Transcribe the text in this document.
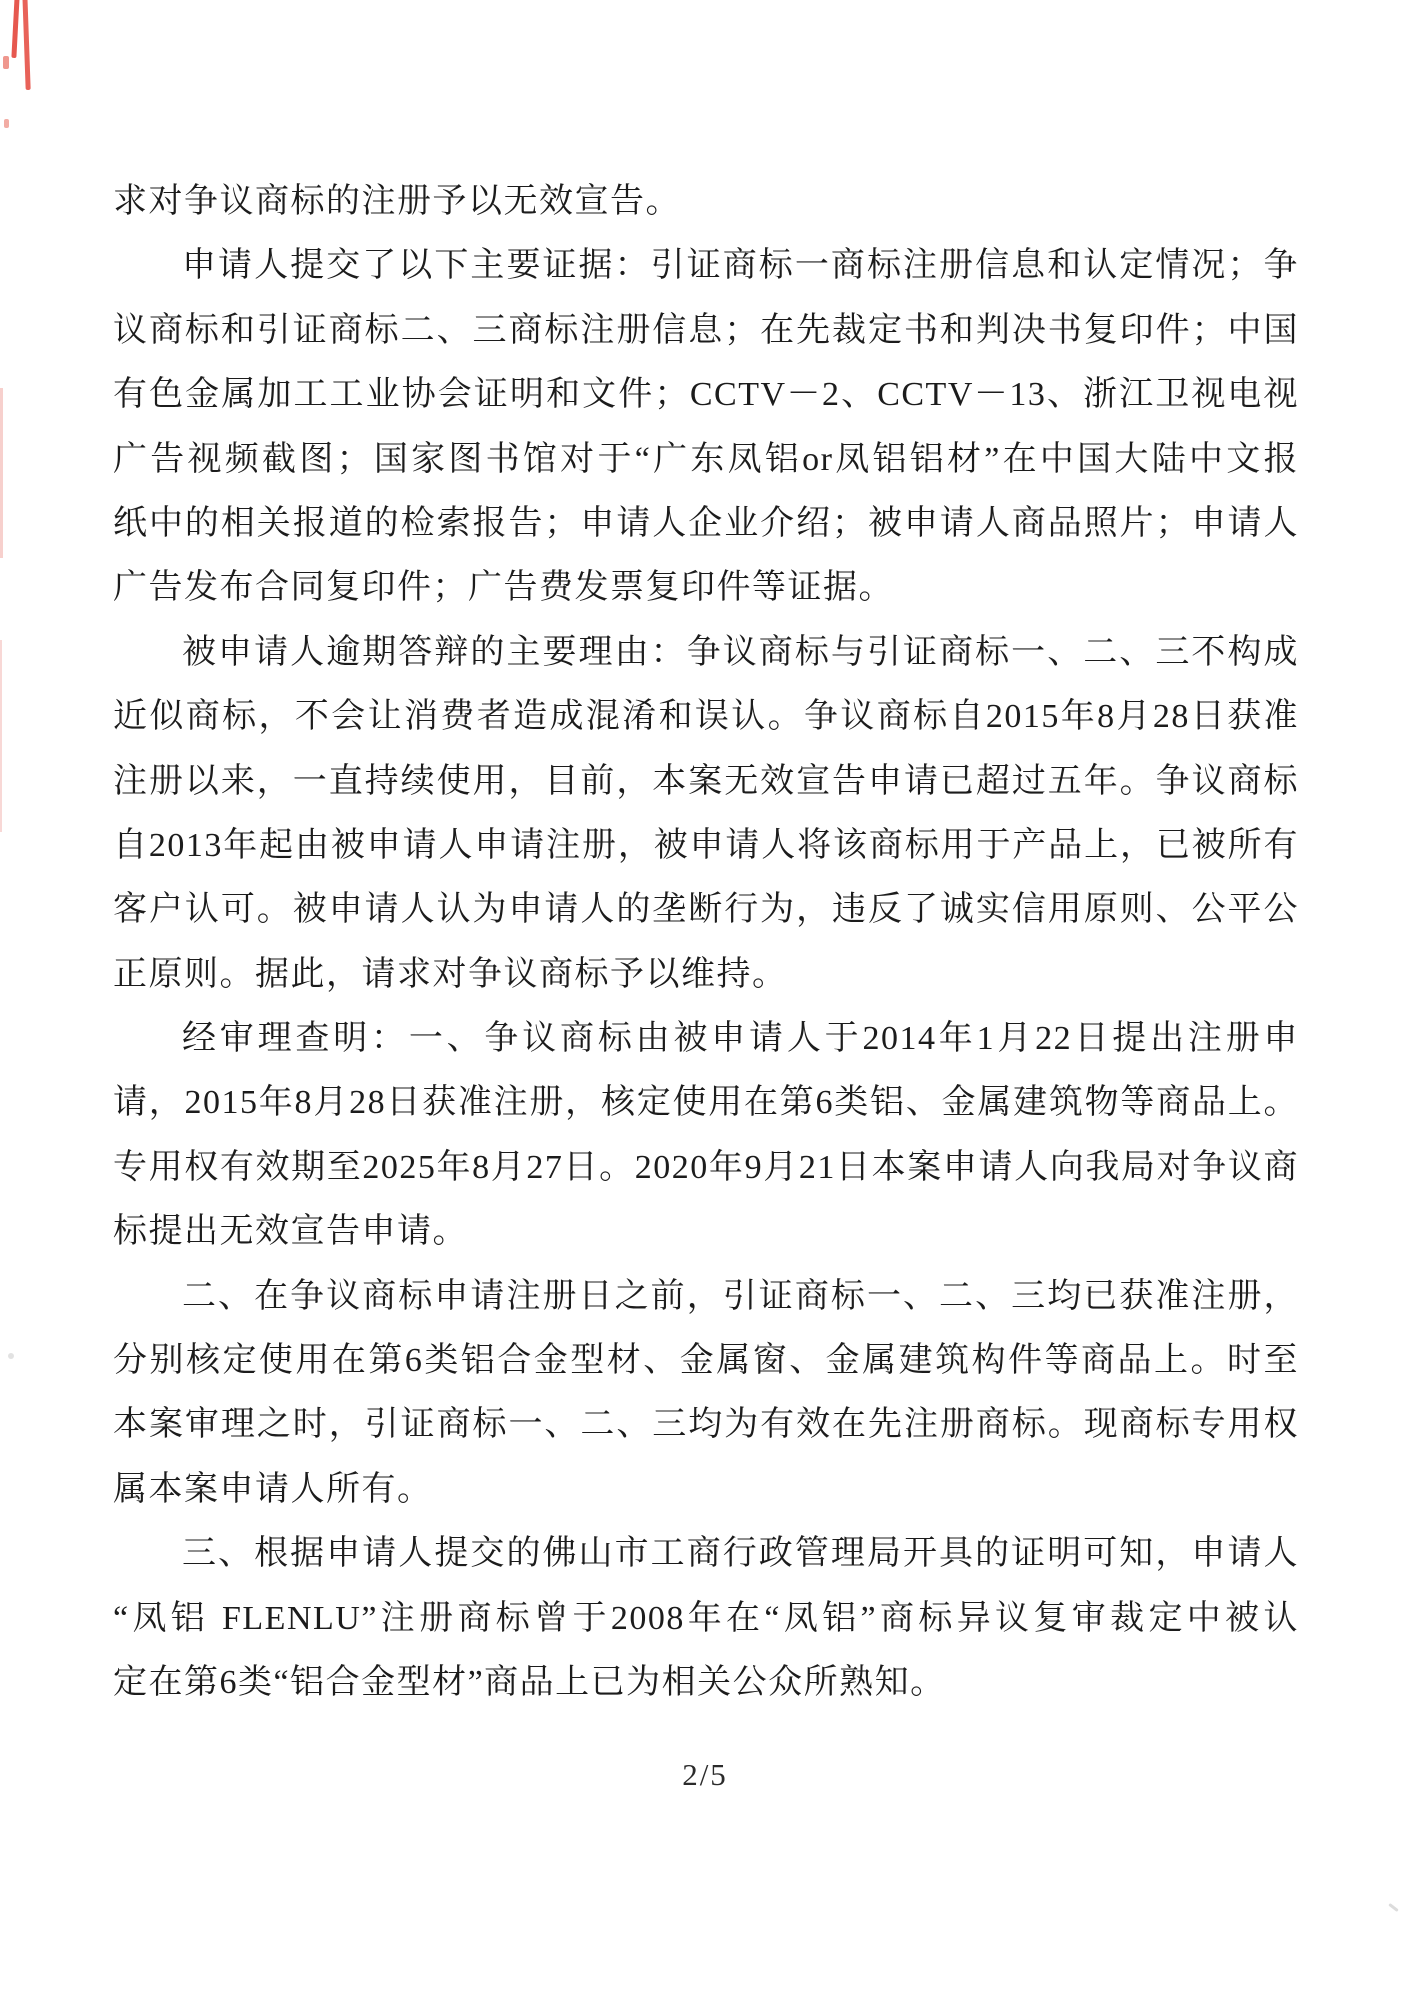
求对争议商标的注册予以无效宣告。
申请人提交了以下主要证据：引证商标一商标注册信息和认定情况；争
议商标和引证商标二、三商标注册信息；在先裁定书和判决书复印件；中国
有色金属加工工业协会证明和文件；CCTV－2、CCTV－13、浙江卫视电视
广告视频截图；国家图书馆对于“广东凤铝or凤铝铝材”在中国大陆中文报
纸中的相关报道的检索报告；申请人企业介绍；被申请人商品照片；申请人
广告发布合同复印件；广告费发票复印件等证据。
被申请人逾期答辩的主要理由：争议商标与引证商标一、二、三不构成
近似商标，不会让消费者造成混淆和误认。争议商标自2015年8月28日获准
注册以来，一直持续使用，目前，本案无效宣告申请已超过五年。争议商标
自2013年起由被申请人申请注册，被申请人将该商标用于产品上，已被所有
客户认可。被申请人认为申请人的垄断行为，违反了诚实信用原则、公平公
正原则。据此，请求对争议商标予以维持。
经审理查明：一、争议商标由被申请人于2014年1月22日提出注册申
请，2015年8月28日获准注册，核定使用在第6类铝、金属建筑物等商品上。
专用权有效期至2025年8月27日。2020年9月21日本案申请人向我局对争议商
标提出无效宣告申请。
二、在争议商标申请注册日之前，引证商标一、二、三均已获准注册，
分别核定使用在第6类铝合金型材、金属窗、金属建筑构件等商品上。时至
本案审理之时，引证商标一、二、三均为有效在先注册商标。现商标专用权
属本案申请人所有。
三、根据申请人提交的佛山市工商行政管理局开具的证明可知，申请人
“凤铝 FLENLU”注册商标曾于2008年在“凤铝”商标异议复审裁定中被认
定在第6类“铝合金型材”商品上已为相关公众所熟知。
2/5
